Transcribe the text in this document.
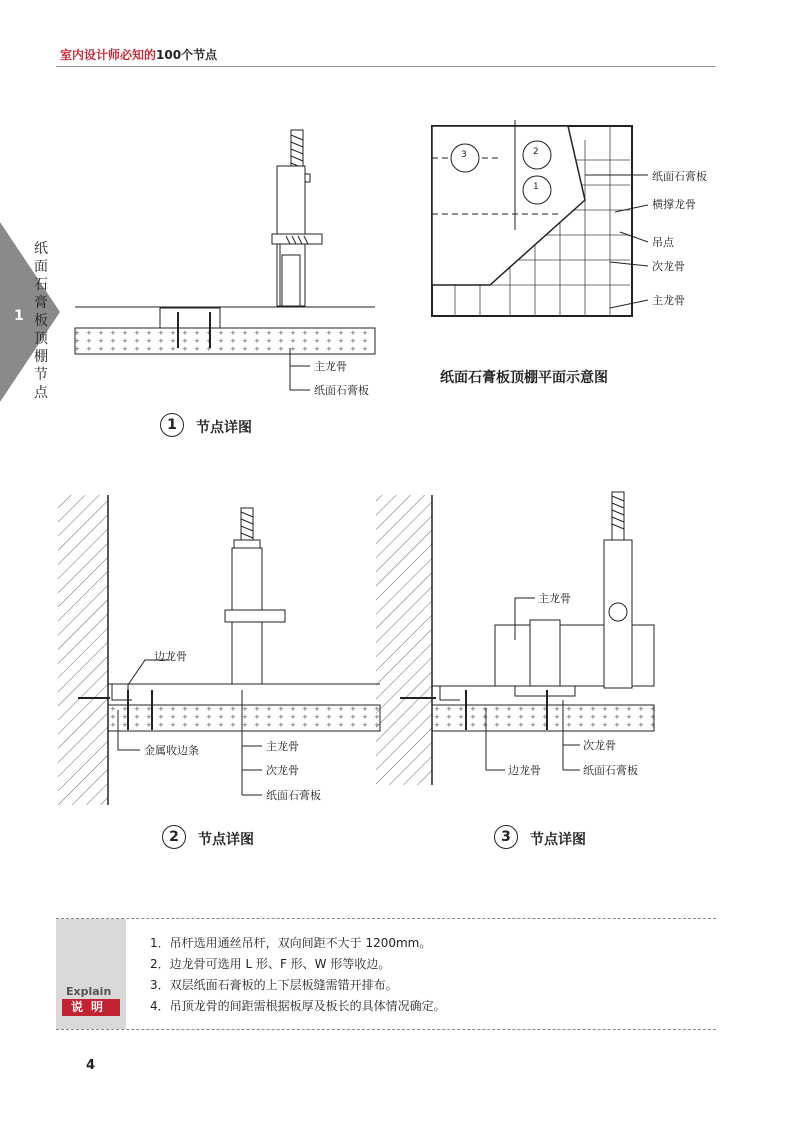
室内设计师必知的100个节点
1
纸面石膏板顶棚节点
主龙骨
纸面石膏板
1	节点详图
3	2
1
纸面石膏板
横撑龙骨
吊点
次龙骨
主龙骨
纸面石膏板顶棚平面示意图
边龙骨
金属收边条	主龙骨
次龙骨
纸面石膏板
2	节点详图
主龙骨
次龙骨
边龙骨	纸面石膏板
3	节点详图
Explain
说明
1．吊杆选用通丝吊杆，双向间距不大于 1200mm。
2．边龙骨可选用 L 形、F 形、W 形等收边。
3．双层纸面石膏板的上下层板缝需错开排布。
4．吊顶龙骨的间距需根据板厚及板长的具体情况确定。
4
